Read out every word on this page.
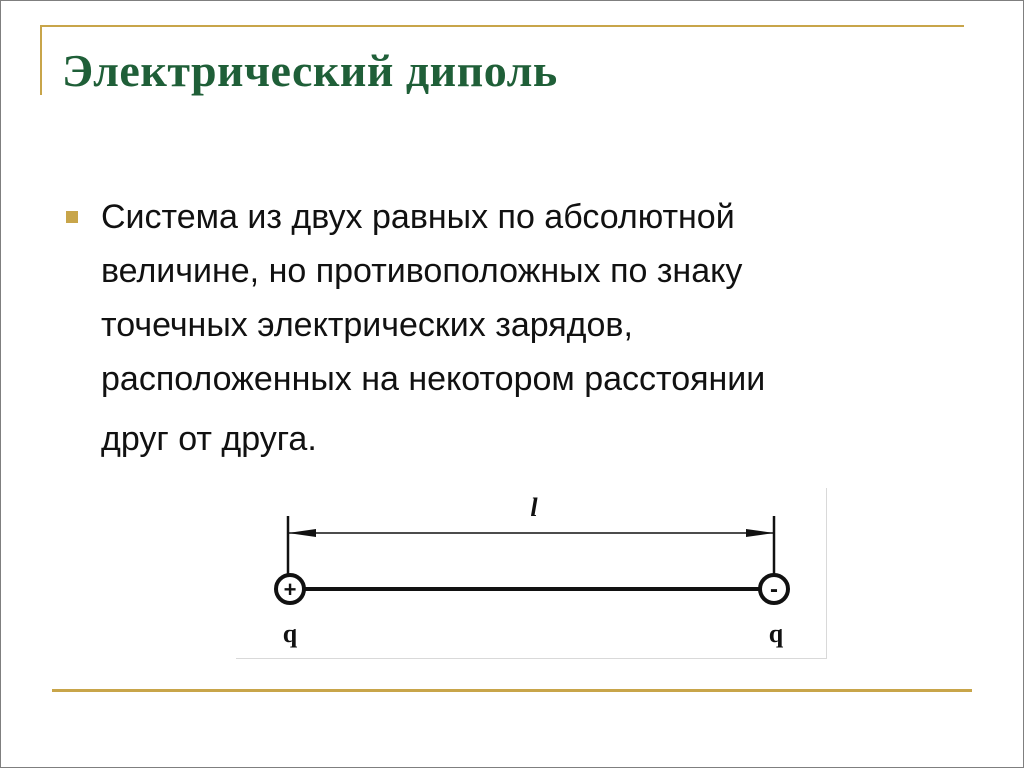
Электрический диполь
Система из двух равных по абсолютной
величине, но противоположных по знаку
точечных электрических зарядов,
расположенных на некотором расстоянии
друг от друга.
l
+
q
-
q
